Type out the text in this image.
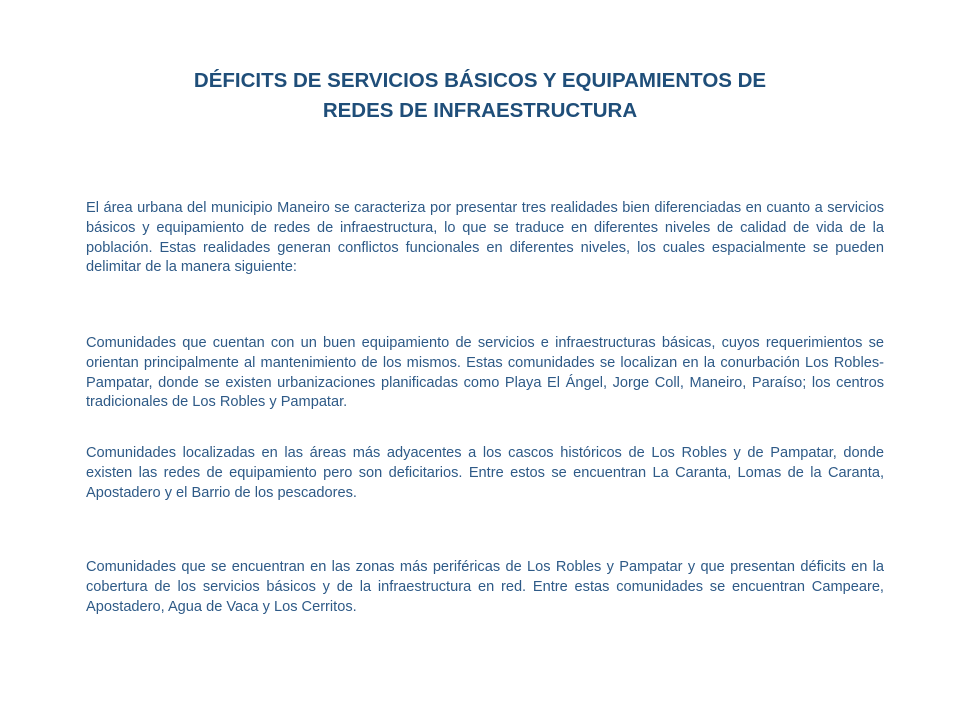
DÉFICITS DE SERVICIOS BÁSICOS Y EQUIPAMIENTOS DE
REDES DE INFRAESTRUCTURA

El área urbana del municipio Maneiro se caracteriza por presentar tres realidades bien diferenciadas en cuanto a servicios básicos y equipamiento de redes de infraestructura, lo que se traduce en diferentes niveles de calidad de vida de la población. Estas realidades generan conflictos funcionales en diferentes niveles, los cuales espacialmente se pueden delimitar de la manera siguiente:

Comunidades que cuentan con un buen equipamiento de servicios e infraestructuras básicas, cuyos requerimientos se orientan principalmente al mantenimiento de los mismos. Estas comunidades se localizan en la conurbación Los Robles- Pampatar, donde se existen urbanizaciones planificadas como Playa El Ángel, Jorge Coll, Maneiro, Paraíso; los centros tradicionales de Los Robles y Pampatar.

Comunidades localizadas en las áreas más adyacentes a los cascos históricos de Los Robles y de Pampatar, donde existen las redes de equipamiento pero son deficitarios. Entre estos se encuentran La Caranta, Lomas de la Caranta, Apostadero y el Barrio de los pescadores.

Comunidades que se encuentran en las zonas más periféricas de Los Robles y Pampatar y que presentan déficits en la cobertura de los servicios básicos y de la infraestructura en red. Entre estas comunidades se encuentran Campeare, Apostadero, Agua de Vaca y Los Cerritos.
